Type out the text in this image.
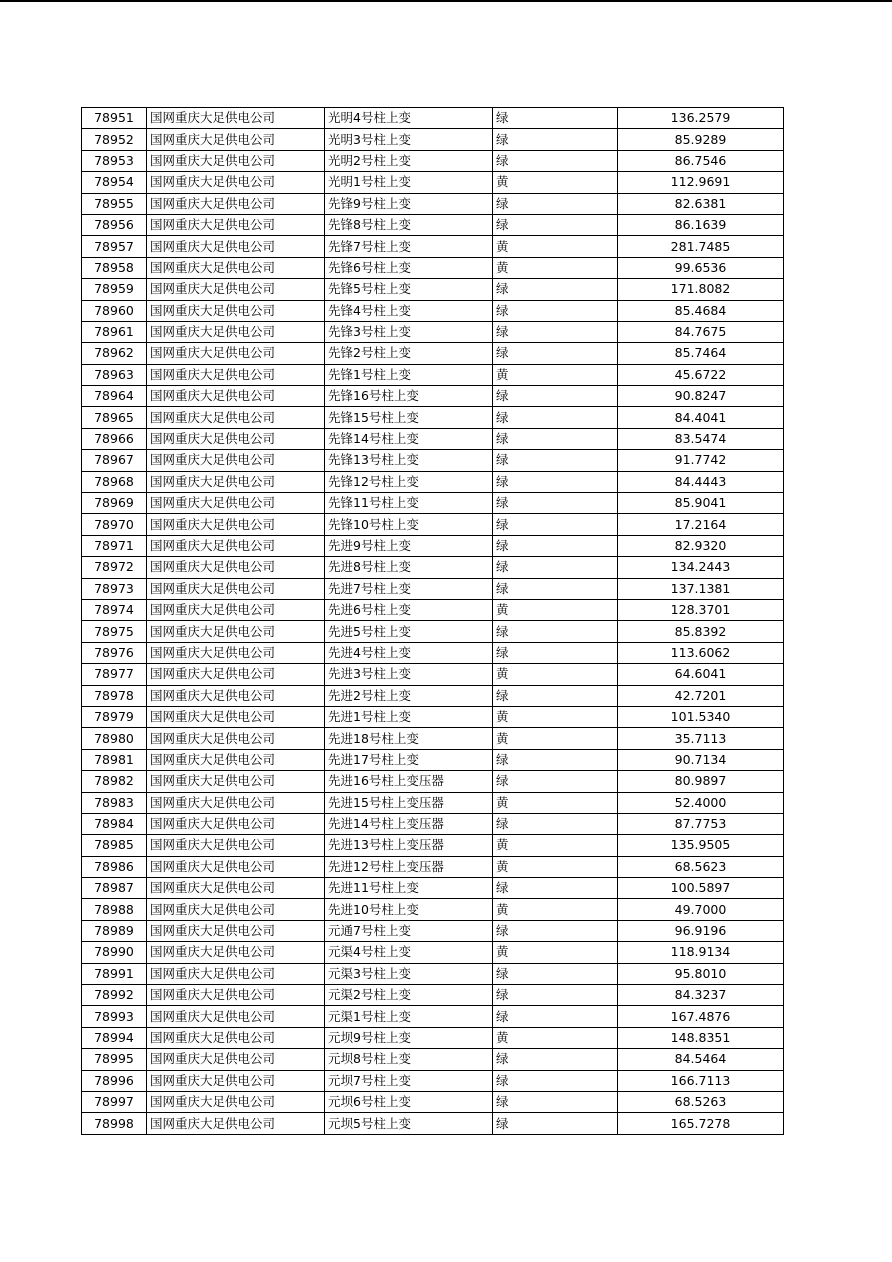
78951	国网重庆大足供电公司	光明4号柱上变	绿	136.2579
78952	国网重庆大足供电公司	光明3号柱上变	绿	85.9289
78953	国网重庆大足供电公司	光明2号柱上变	绿	86.7546
78954	国网重庆大足供电公司	光明1号柱上变	黄	112.9691
78955	国网重庆大足供电公司	先锋9号柱上变	绿	82.6381
78956	国网重庆大足供电公司	先锋8号柱上变	绿	86.1639
78957	国网重庆大足供电公司	先锋7号柱上变	黄	281.7485
78958	国网重庆大足供电公司	先锋6号柱上变	黄	99.6536
78959	国网重庆大足供电公司	先锋5号柱上变	绿	171.8082
78960	国网重庆大足供电公司	先锋4号柱上变	绿	85.4684
78961	国网重庆大足供电公司	先锋3号柱上变	绿	84.7675
78962	国网重庆大足供电公司	先锋2号柱上变	绿	85.7464
78963	国网重庆大足供电公司	先锋1号柱上变	黄	45.6722
78964	国网重庆大足供电公司	先锋16号柱上变	绿	90.8247
78965	国网重庆大足供电公司	先锋15号柱上变	绿	84.4041
78966	国网重庆大足供电公司	先锋14号柱上变	绿	83.5474
78967	国网重庆大足供电公司	先锋13号柱上变	绿	91.7742
78968	国网重庆大足供电公司	先锋12号柱上变	绿	84.4443
78969	国网重庆大足供电公司	先锋11号柱上变	绿	85.9041
78970	国网重庆大足供电公司	先锋10号柱上变	绿	17.2164
78971	国网重庆大足供电公司	先进9号柱上变	绿	82.9320
78972	国网重庆大足供电公司	先进8号柱上变	绿	134.2443
78973	国网重庆大足供电公司	先进7号柱上变	绿	137.1381
78974	国网重庆大足供电公司	先进6号柱上变	黄	128.3701
78975	国网重庆大足供电公司	先进5号柱上变	绿	85.8392
78976	国网重庆大足供电公司	先进4号柱上变	绿	113.6062
78977	国网重庆大足供电公司	先进3号柱上变	黄	64.6041
78978	国网重庆大足供电公司	先进2号柱上变	绿	42.7201
78979	国网重庆大足供电公司	先进1号柱上变	黄	101.5340
78980	国网重庆大足供电公司	先进18号柱上变	黄	35.7113
78981	国网重庆大足供电公司	先进17号柱上变	绿	90.7134
78982	国网重庆大足供电公司	先进16号柱上变压器	绿	80.9897
78983	国网重庆大足供电公司	先进15号柱上变压器	黄	52.4000
78984	国网重庆大足供电公司	先进14号柱上变压器	绿	87.7753
78985	国网重庆大足供电公司	先进13号柱上变压器	黄	135.9505
78986	国网重庆大足供电公司	先进12号柱上变压器	黄	68.5623
78987	国网重庆大足供电公司	先进11号柱上变	绿	100.5897
78988	国网重庆大足供电公司	先进10号柱上变	黄	49.7000
78989	国网重庆大足供电公司	元通7号柱上变	绿	96.9196
78990	国网重庆大足供电公司	元渠4号柱上变	黄	118.9134
78991	国网重庆大足供电公司	元渠3号柱上变	绿	95.8010
78992	国网重庆大足供电公司	元渠2号柱上变	绿	84.3237
78993	国网重庆大足供电公司	元渠1号柱上变	绿	167.4876
78994	国网重庆大足供电公司	元坝9号柱上变	黄	148.8351
78995	国网重庆大足供电公司	元坝8号柱上变	绿	84.5464
78996	国网重庆大足供电公司	元坝7号柱上变	绿	166.7113
78997	国网重庆大足供电公司	元坝6号柱上变	绿	68.5263
78998	国网重庆大足供电公司	元坝5号柱上变	绿	165.7278
